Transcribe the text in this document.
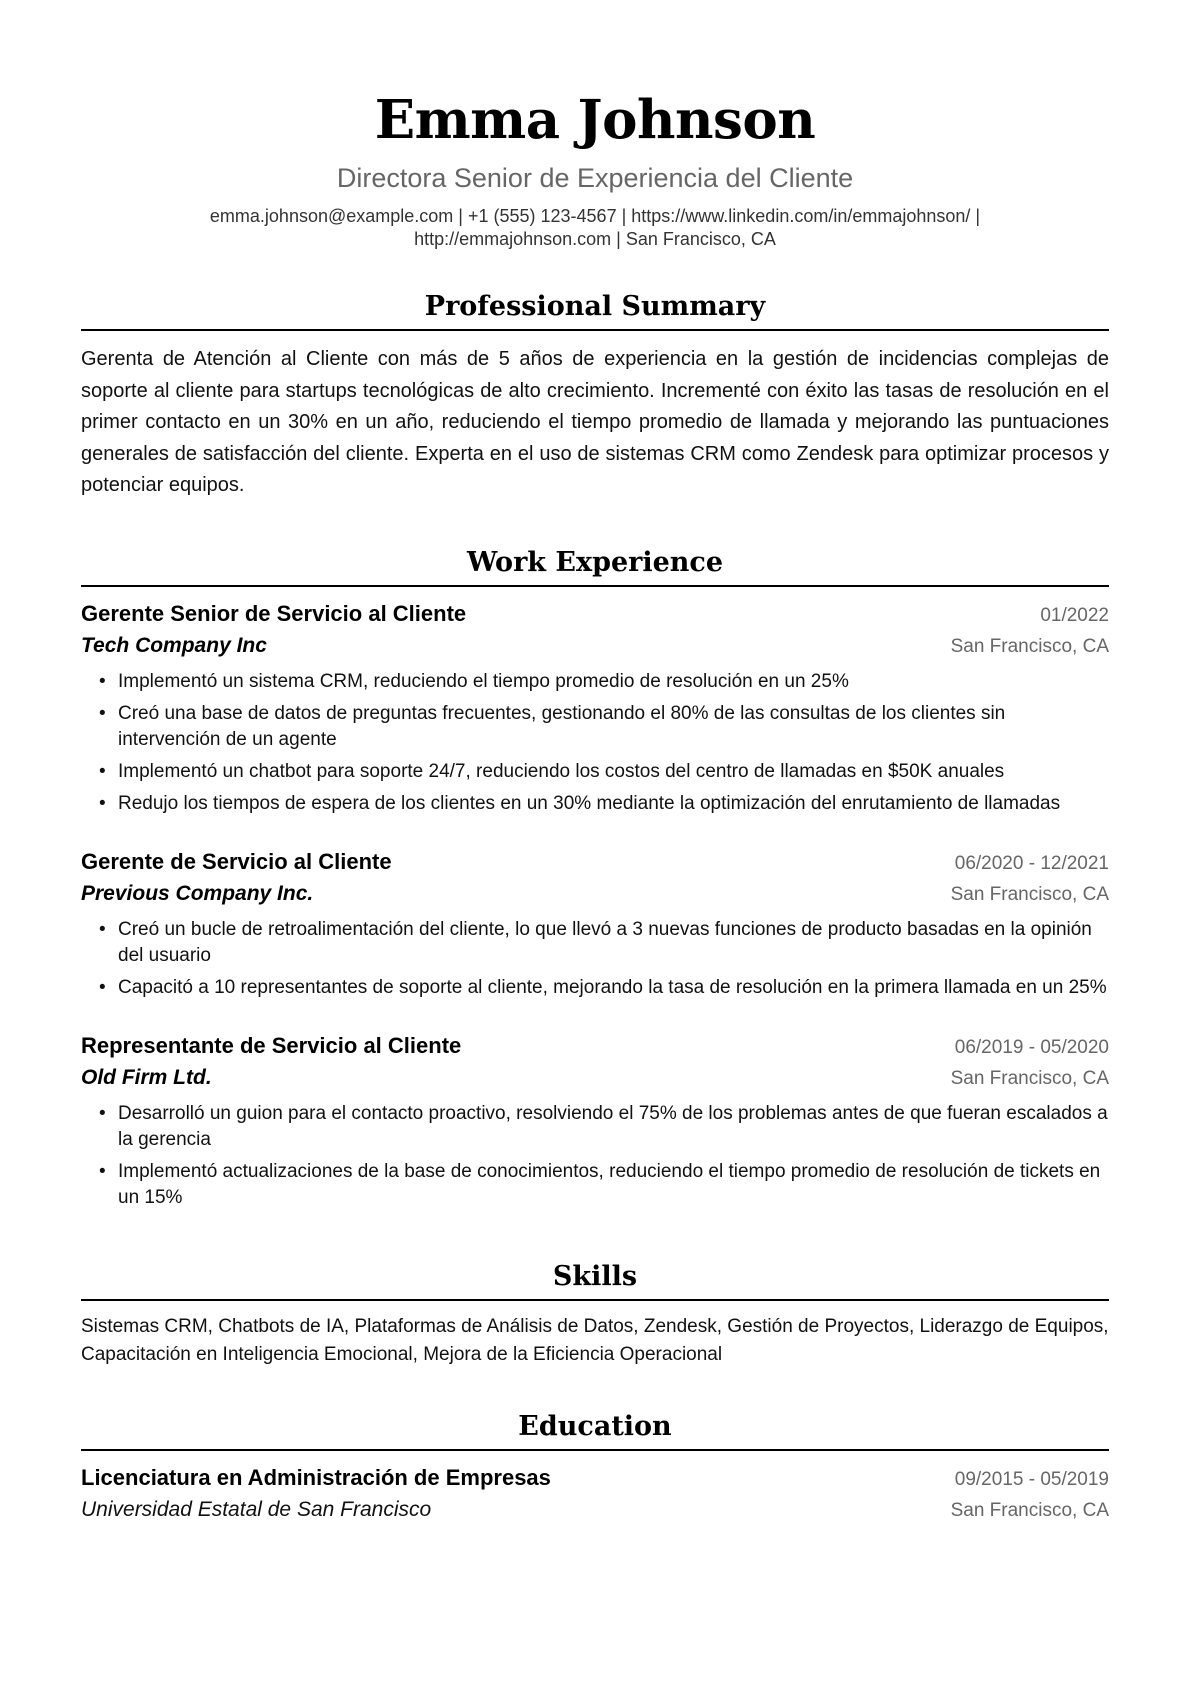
Emma Johnson
Directora Senior de Experiencia del Cliente
emma.johnson@example.com | +1 (555) 123-4567 | https://www.linkedin.com/in/emmajohnson/ |
http://emmajohnson.com | San Francisco, CA
Professional Summary
Gerenta de Atención al Cliente con más de 5 años de experiencia en la gestión de incidencias complejas de soporte al cliente para startups tecnológicas de alto crecimiento. Incrementé con éxito las tasas de resolución en el primer contacto en un 30% en un año, reduciendo el tiempo promedio de llamada y mejorando las puntuaciones generales de satisfacción del cliente. Experta en el uso de sistemas CRM como Zendesk para optimizar procesos y potenciar equipos.
Work Experience
Gerente Senior de Servicio al Cliente	01/2022
Tech Company Inc	San Francisco, CA
• Implementó un sistema CRM, reduciendo el tiempo promedio de resolución en un 25%
• Creó una base de datos de preguntas frecuentes, gestionando el 80% de las consultas de los clientes sin intervención de un agente
• Implementó un chatbot para soporte 24/7, reduciendo los costos del centro de llamadas en $50K anuales
• Redujo los tiempos de espera de los clientes en un 30% mediante la optimización del enrutamiento de llamadas
Gerente de Servicio al Cliente	06/2020 - 12/2021
Previous Company Inc.	San Francisco, CA
• Creó un bucle de retroalimentación del cliente, lo que llevó a 3 nuevas funciones de producto basadas en la opinión del usuario
• Capacitó a 10 representantes de soporte al cliente, mejorando la tasa de resolución en la primera llamada en un 25%
Representante de Servicio al Cliente	06/2019 - 05/2020
Old Firm Ltd.	San Francisco, CA
• Desarrolló un guion para el contacto proactivo, resolviendo el 75% de los problemas antes de que fueran escalados a la gerencia
• Implementó actualizaciones de la base de conocimientos, reduciendo el tiempo promedio de resolución de tickets en un 15%
Skills
Sistemas CRM, Chatbots de IA, Plataformas de Análisis de Datos, Zendesk, Gestión de Proyectos, Liderazgo de Equipos, Capacitación en Inteligencia Emocional, Mejora de la Eficiencia Operacional
Education
Licenciatura en Administración de Empresas	09/2015 - 05/2019
Universidad Estatal de San Francisco	San Francisco, CA
